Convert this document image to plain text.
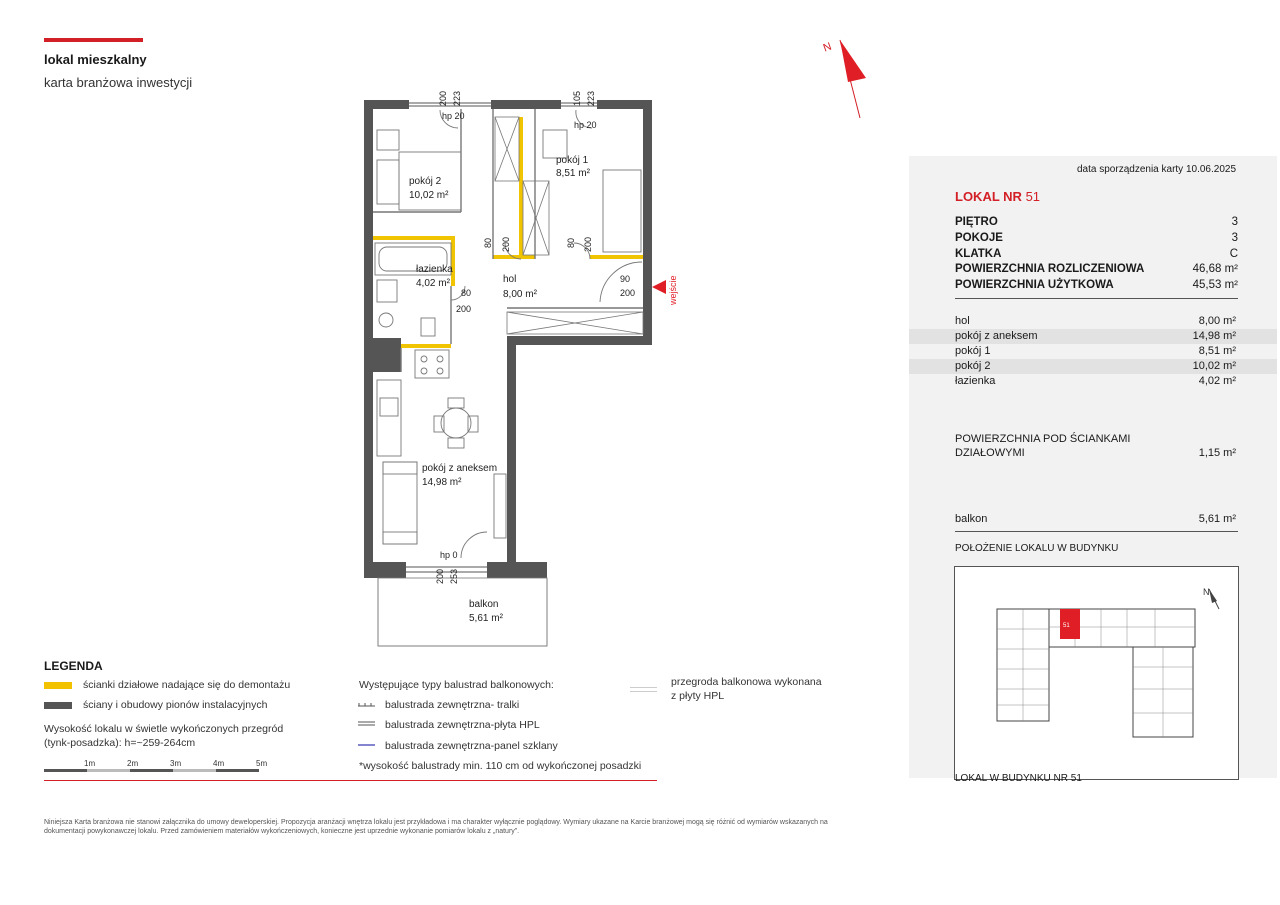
lokal mieszkalny
karta branżowa inwestycji
N
wejście
pokój 2
10,02 m²
pokój 1
8,51 m²
łazienka
4,02 m²	hol
8,00 m²
pokój z aneksem
14,98 m²
balkon
5,61 m²
200 223	105 223
200 253
80 200	80 200
80
200
90
200
hp 20
hp 20
hp 0
data sporządzenia karty 10.06.2025
LOKAL NR 51
PIĘTRO	3
POKOJE	3
KLATKA	C
POWIERZCHNIA ROZLICZENIOWA	46,68 m²
POWIERZCHNIA UŻYTKOWA	45,53 m²
hol	8,00 m²
pokój z aneksem	14,98 m²
pokój 1	8,51 m²
pokój 2	10,02 m²
łazienka	4,02 m²
POWIERZCHNIA POD ŚCIANKAMI
DZIAŁOWYMI	1,15 m²
balkon	5,61 m²
POŁOŻENIE LOKALU W BUDYNKU
51
N
LEGENDA
ścianki działowe nadające się do demontażu
ściany i obudowy pionów instalacyjnych
Wysokość lokalu w świetle wykończonych przegród
(tynk-posadzka): h=~259-264cm
1m	2m	3m	4m	5m
Występujące typy balustrad balkonowych:
balustrada zewnętrzna- tralki
balustrada zewnętrzna-płyta HPL
balustrada zewnętrzna-panel szklany
*wysokość balustrady min. 110 cm od wykończonej posadzki
przegroda balkonowa wykonana
z płyty HPL
Niniejsza Karta branżowa nie stanowi załącznika do umowy deweloperskiej. Propozycja aranżacji wnętrza lokalu jest przykładowa i ma charakter wyłącznie poglądowy. Wymiary ukazane na Karcie branżowej mogą się różnić od wymiarów wskazanych na dokumentacji powykonawczej lokalu. Przed zamówieniem materiałów wykończeniowych, konieczne jest uprzednie wykonanie pomiarów lokalu z „natury”.
